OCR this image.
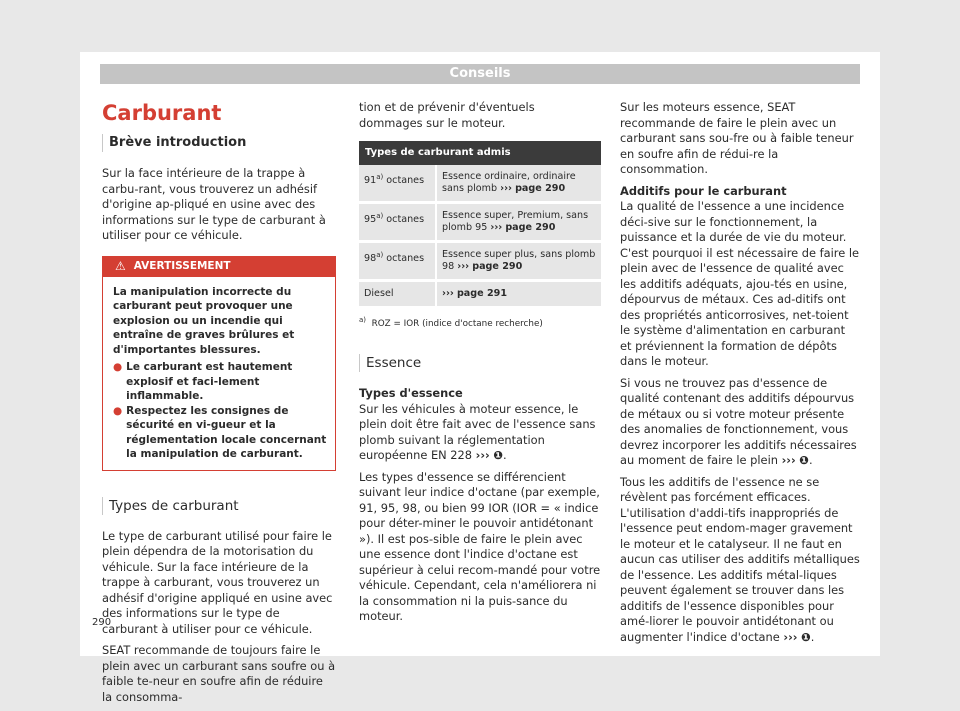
Conseils
Carburant
Brève introduction

Sur la face intérieure de la trappe à carbu-rant, vous trouverez un adhésif d'origine ap-pliqué en usine avec des informations sur le type de carburant à utiliser pour ce véhicule.

⚠ AVERTISSEMENT

La manipulation incorrecte du carburant peut provoquer une explosion ou un incendie qui entraîne de graves brûlures et d'importantes blessures.

● Le carburant est hautement explosif et faci-lement inflammable.
● Respectez les consignes de sécurité en vi-gueur et la réglementation locale concernant la manipulation de carburant.
Types de carburant

Le type de carburant utilisé pour faire le plein dépendra de la motorisation du véhicule. Sur la face intérieure de la trappe à carburant, vous trouverez un adhésif d'origine appliqué en usine avec des informations sur le type de carburant à utiliser pour ce véhicule.

SEAT recommande de toujours faire le plein avec un carburant sans soufre ou à faible te-neur en soufre afin de réduire la consomma-

tion et de prévenir d'éventuels dommages sur le moteur.

Types de carburant admis	
91$^{a)}$ octanes	Essence ordinaire, ordinaire sans plomb ››› page 290
95$^{a)}$ octanes	Essence super, Premium, sans plomb 95 ››› page 290
98$^{a)}$ octanes	Essence super plus, sans plomb 98 ››› page 290
Diesel	››› page 291
$^{a)}$ ROZ = IOR (indice d'octane recherche)
Essence

Types d'essence

Sur les véhicules à moteur essence, le plein doit être fait avec de l'essence sans plomb suivant la réglementation européenne EN 228 ››› ❶.

Les types d'essence se différencient suivant leur indice d'octane (par exemple, 91, 95, 98, ou bien 99 IOR (IOR = « indice pour déter-miner le pouvoir antidétonant »). Il est pos-sible de faire le plein avec une essence dont l'indice d'octane est supérieur à celui recom-mandé pour votre véhicule. Cependant, cela n'améliorera ni la consommation ni la puis-sance du moteur.

Sur les moteurs essence, SEAT recommande de faire le plein avec un carburant sans sou-fre ou à faible teneur en soufre afin de rédui-re la consommation.

Additifs pour le carburant

La qualité de l'essence a une incidence déci-sive sur le fonctionnement, la puissance et la durée de vie du moteur. C'est pourquoi il est nécessaire de faire le plein avec de l'essence de qualité avec les additifs adéquats, ajou-tés en usine, dépourvus de métaux. Ces ad-ditifs ont des propriétés anticorrosives, net-toient le système d'alimentation en carburant et préviennent la formation de dépôts dans le moteur.

Si vous ne trouvez pas d'essence de qualité contenant des additifs dépourvus de métaux ou si votre moteur présente des anomalies de fonctionnement, vous devrez incorporer les additifs nécessaires au moment de faire le plein ››› ❶.

Tous les additifs de l'essence ne se révèlent pas forcément efficaces. L'utilisation d'addi-tifs inappropriés de l'essence peut endom-mager gravement le moteur et le catalyseur. Il ne faut en aucun cas utiliser des additifs métalliques de l'essence. Les additifs métal-liques peuvent également se trouver dans les additifs de l'essence disponibles pour amé-liorer le pouvoir antidétonant ou augmenter l'indice d'octane ››› ❶.

290
